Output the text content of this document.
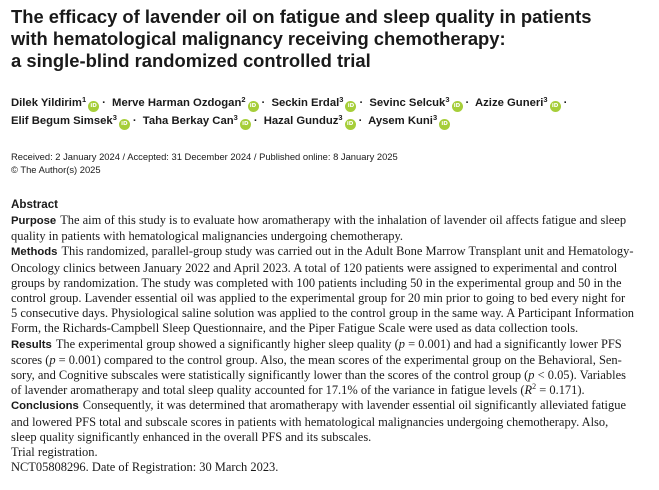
The efficacy of lavender oil on fatigue and sleep quality in patients
with hematological malignancy receiving chemotherapy:
a single-blind randomized controlled trial
Dilek Yildirim$^1$iD · Merve Harman Ozdogan$^2$iD · Seckin Erdal$^3$iD · Sevinc Selcuk$^3$iD · Azize Guneri$^3$iD ·
Elif Begum Simsek$^3$iD · Taha Berkay Can$^3$iD · Hazal Gunduz$^3$iD · Aysem Kuni$^3$iD
Received: 2 January 2024 / Accepted: 31 December 2024 / Published online: 8 January 2025
© The Author(s) 2025
Abstract
Purpose The aim of this study is to evaluate how aromatherapy with the inhalation of lavender oil affects fatigue and sleep
quality in patients with hematological malignancies undergoing chemotherapy.
Methods This randomized, parallel-group study was carried out in the Adult Bone Marrow Transplant unit and Hematology-
Oncology clinics between January 2022 and April 2023. A total of 120 patients were assigned to experimental and control
groups by randomization. The study was completed with 100 patients including 50 in the experimental group and 50 in the
control group. Lavender essential oil was applied to the experimental group for 20 min prior to going to bed every night for
5 consecutive days. Physiological saline solution was applied to the control group in the same way. A Participant Information
Form, the Richards-Campbell Sleep Questionnaire, and the Piper Fatigue Scale were used as data collection tools.
Results The experimental group showed a significantly higher sleep quality (p = 0.001) and had a significantly lower PFS
scores (p = 0.001) compared to the control group. Also, the mean scores of the experimental group on the Behavioral, Sen-
sory, and Cognitive subscales were statistically significantly lower than the scores of the control group (p < 0.05). Variables
of lavender aromatherapy and total sleep quality accounted for 17.1% of the variance in fatigue levels $(R^2 = 0.171)$.
Conclusions Consequently, it was determined that aromatherapy with lavender essential oil significantly alleviated fatigue
and lowered PFS total and subscale scores in patients with hematological malignancies undergoing chemotherapy. Also,
sleep quality significantly enhanced in the overall PFS and its subscales.
Trial registration.
NCT05808296. Date of Registration: 30 March 2023.
